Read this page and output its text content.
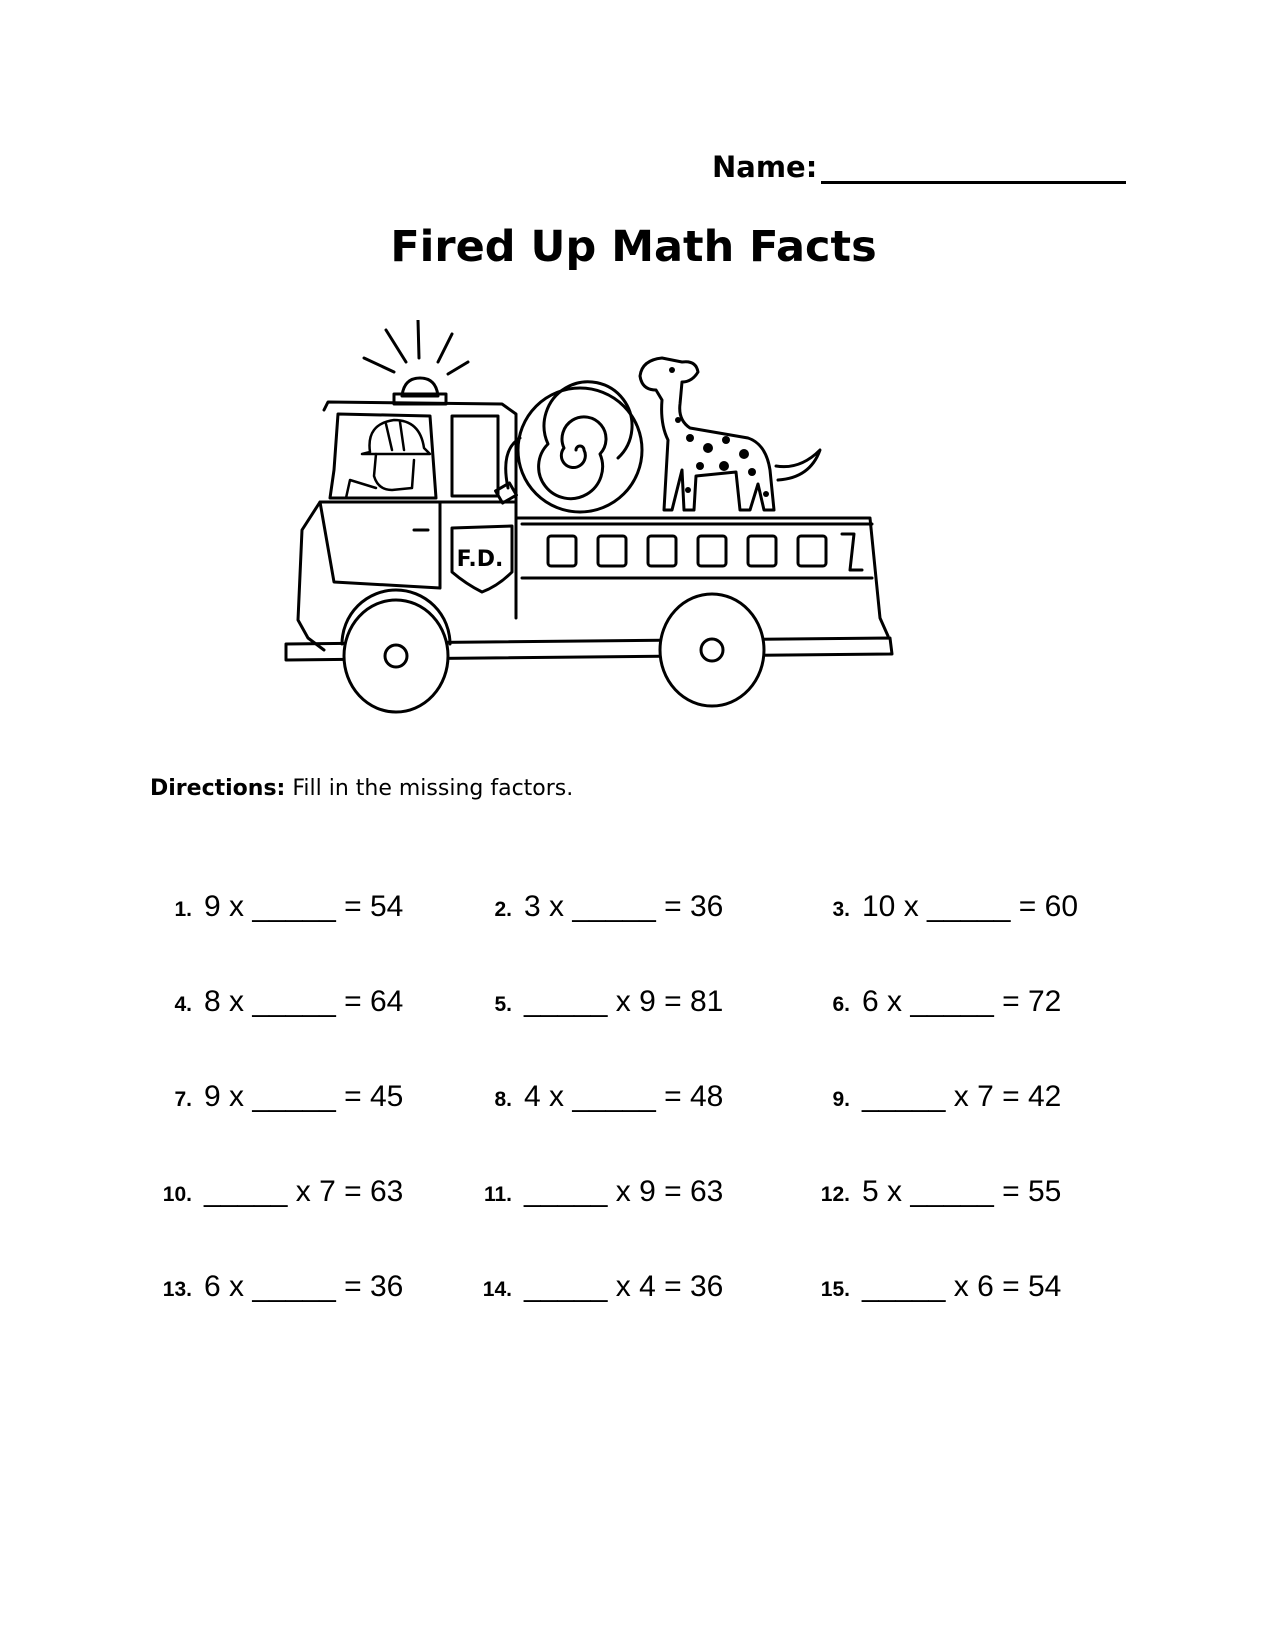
Name:
Fired Up Math Facts
F.D.
Directions: Fill in the missing factors.
1. 9 x _____ = 54	2. 3 x _____ = 36	3. 10 x _____ = 60
4. 8 x _____ = 64	5. _____ x 9 = 81	6. 6 x _____ = 72
7. 9 x _____ = 45	8. 4 x _____ = 48	9. _____ x 7 = 42
10. _____ x 7 = 63	11. _____ x 9 = 63	12. 5 x _____ = 55
13. 6 x _____ = 36	14. _____ x 4 = 36	15. _____ x 6 = 54
